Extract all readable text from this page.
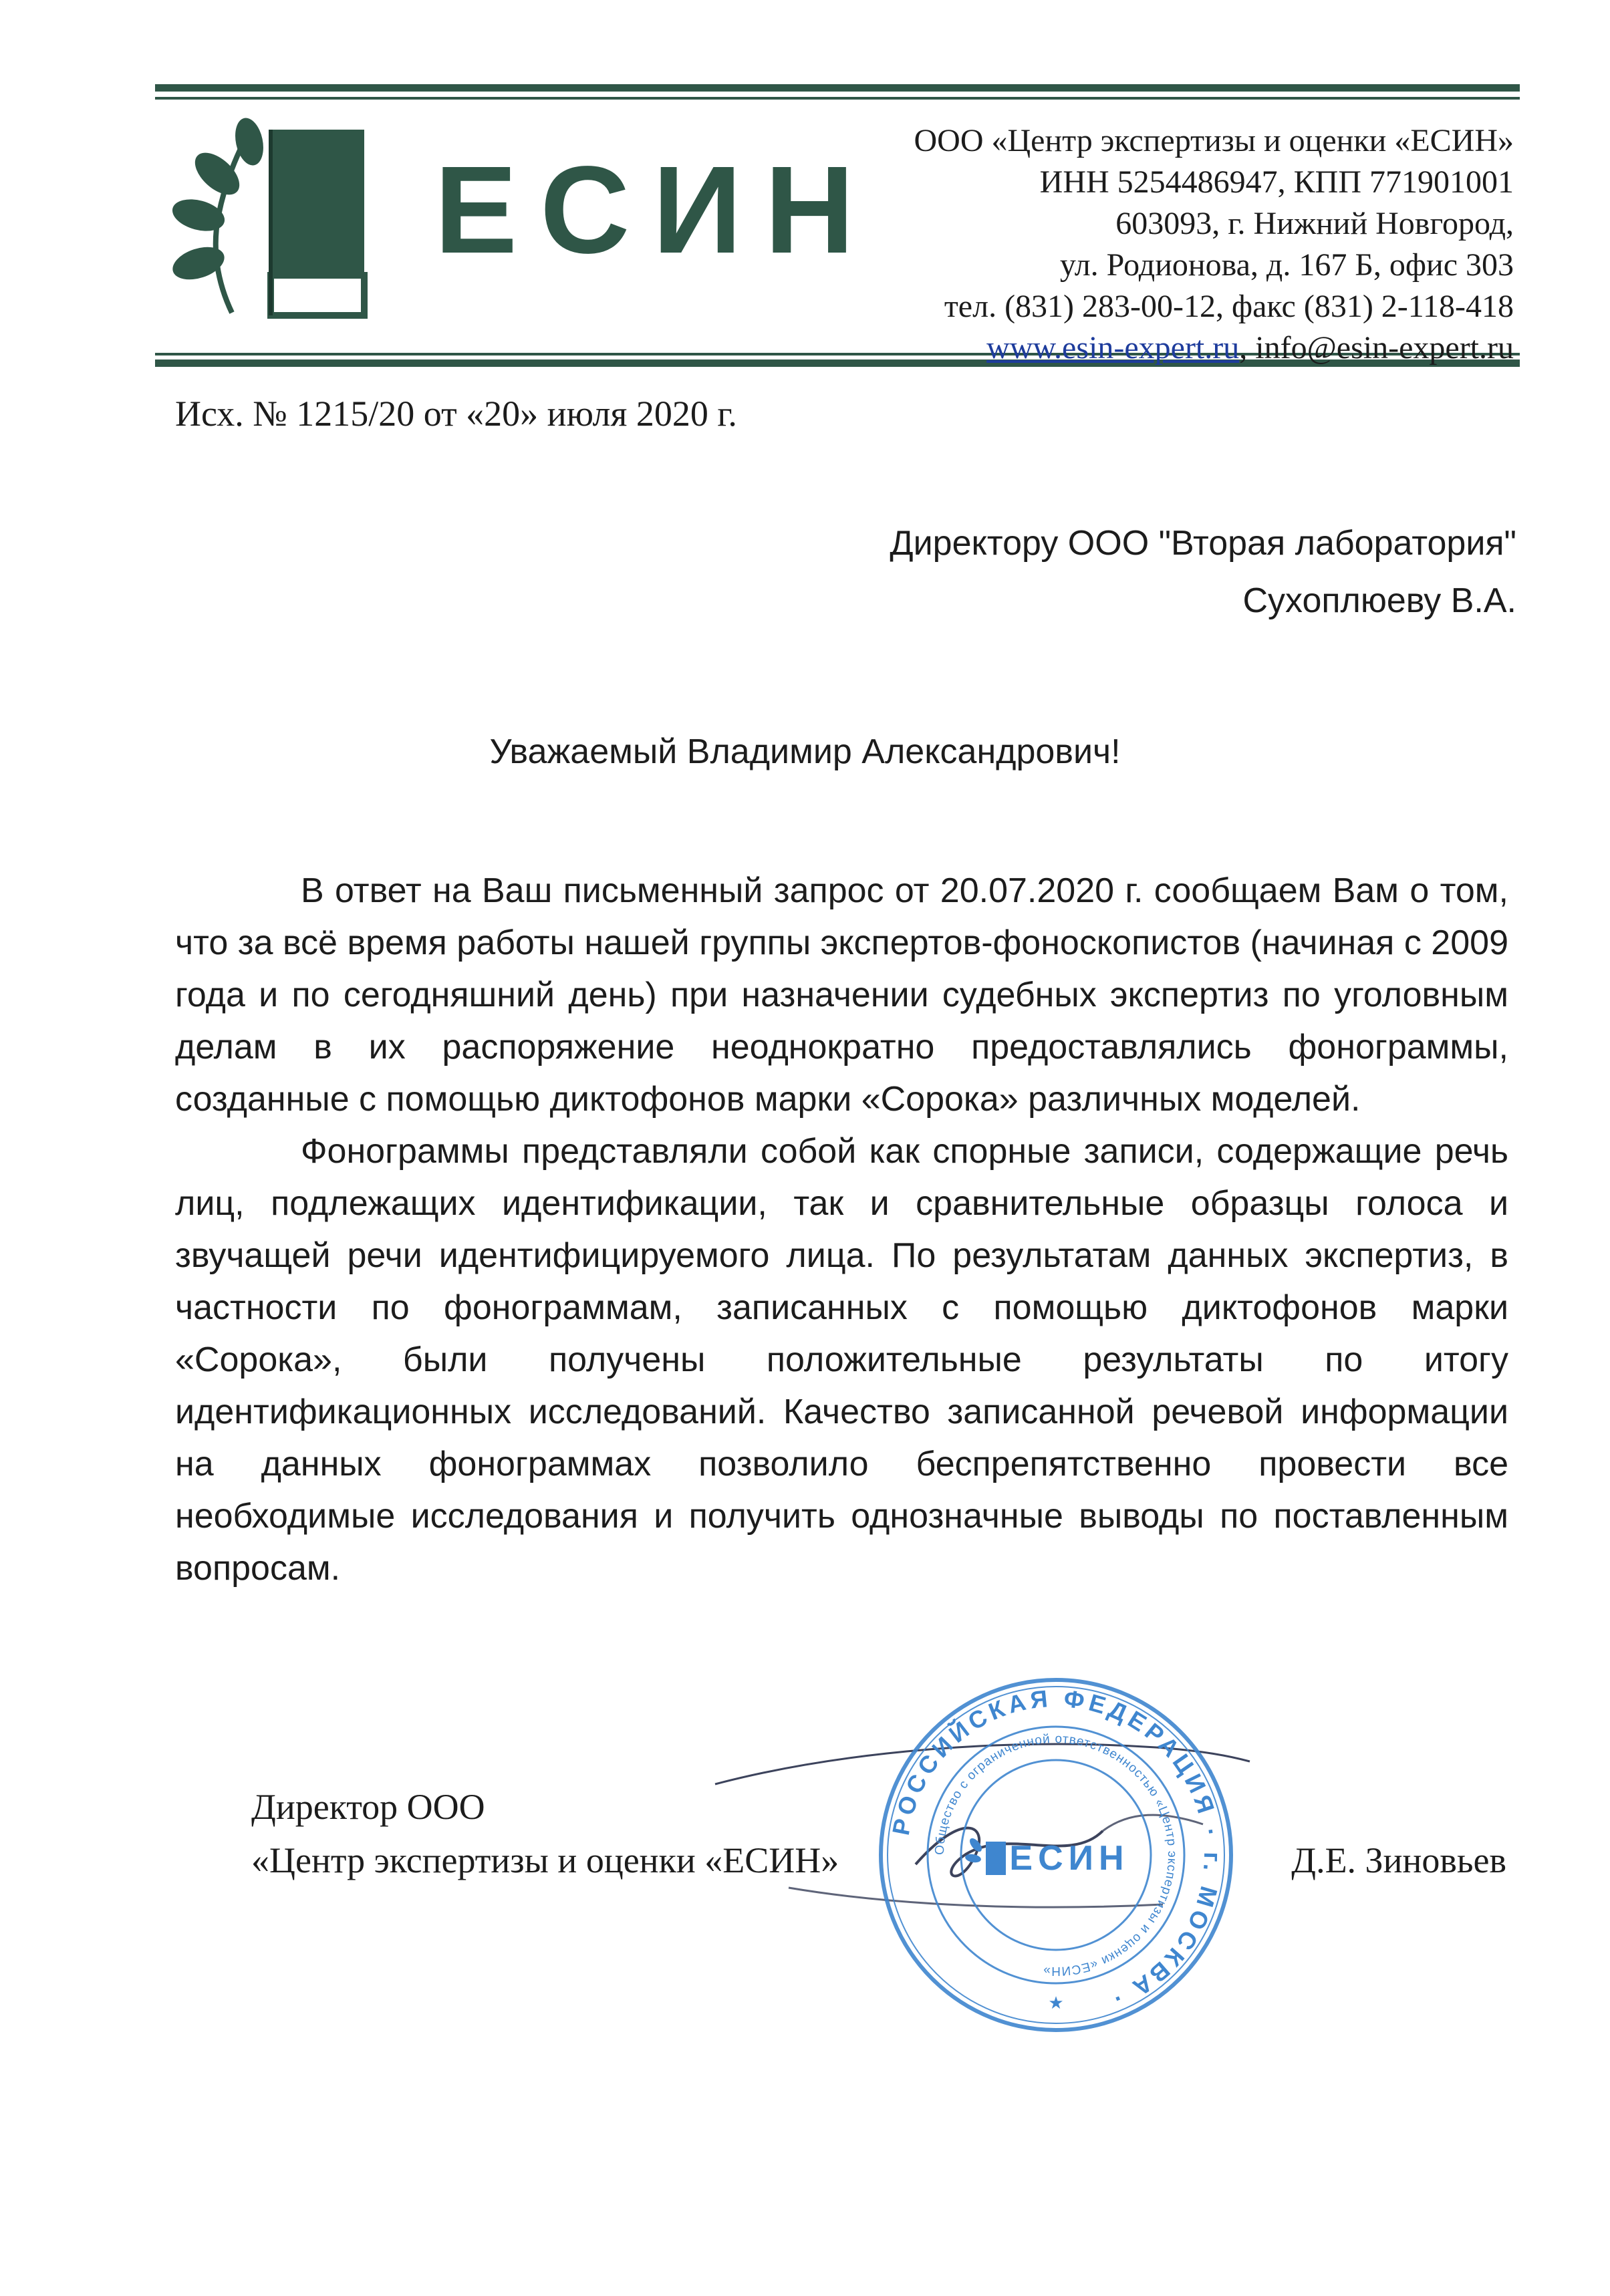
ЕСИН
ООО «Центр экспертизы и оценки «ЕСИН»
ИНН 5254486947, КПП 771901001
603093, г. Нижний Новгород,
ул. Родионова, д. 167 Б, офис 303
тел. (831) 283-00-12, факс (831) 2-118-418
www.esin-expert.ru, info@esin-expert.ru
Исх. № 1215/20 от «20» июля 2020 г.
Директору ООО "Вторая лаборатория"
Сухоплюеву В.А.
Уважаемый Владимир Александрович!

В ответ на Ваш письменный запрос от 20.07.2020 г. сообщаем Вам о том, что за всё время работы нашей группы экспертов-фоноскопистов (начиная с 2009 года и по сегодняшний день) при назначении судебных экспертиз по уголовным делам в их распоряжение неоднократно предоставлялись фонограммы, созданные с помощью диктофонов марки «Сорока» различных моделей.

Фонограммы представляли собой как спорные записи, содержащие речь лиц, подлежащих идентификации, так и сравнительные образцы голоса и звучащей речи идентифицируемого лица. По результатам данных экспертиз, в частности по фонограммам, записанных с помощью диктофонов марки «Сорока», были получены положительные результаты по итогу идентификационных исследований. Качество записанной речевой информации на данных фонограммах позволило беспрепятственно провести все необходимые исследования и получить однозначные выводы по поставленным вопросам.

Директор ООО
«Центр экспертизы и оценки «ЕСИН»	Д.Е. Зиновьев
РОССИЙСКАЯ ФЕДЕРАЦИЯ · г. МОСКВА ·
Общество с ограниченной ответственностью «Центр экспертизы и оценки «ЕСИН»
ЕСИН
★
